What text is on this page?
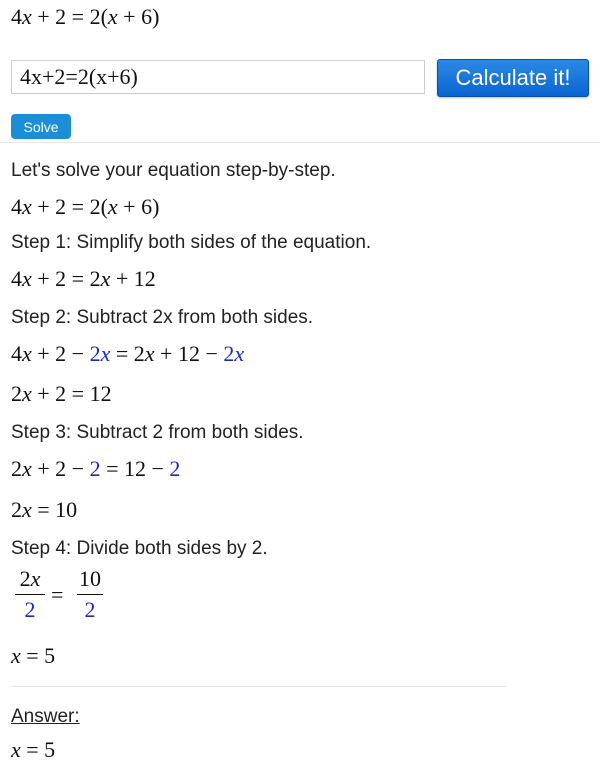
4x + 2 = 2(x + 6)
4x+2=2(x+6)
Calculate it!
Solve
Let's solve your equation step-by-step.
4x + 2 = 2(x + 6)
Step 1: Simplify both sides of the equation.
4x + 2 = 2x + 12
Step 2: Subtract 2x from both sides.
4x + 2 − 2x = 2x + 12 − 2x
2x + 2 = 12
Step 3: Subtract 2 from both sides.
2x + 2 − 2 = 12 − 2
2x = 10
Step 4: Divide both sides by 2.
2x
2
=
10
2
x = 5
Answer:
x = 5
